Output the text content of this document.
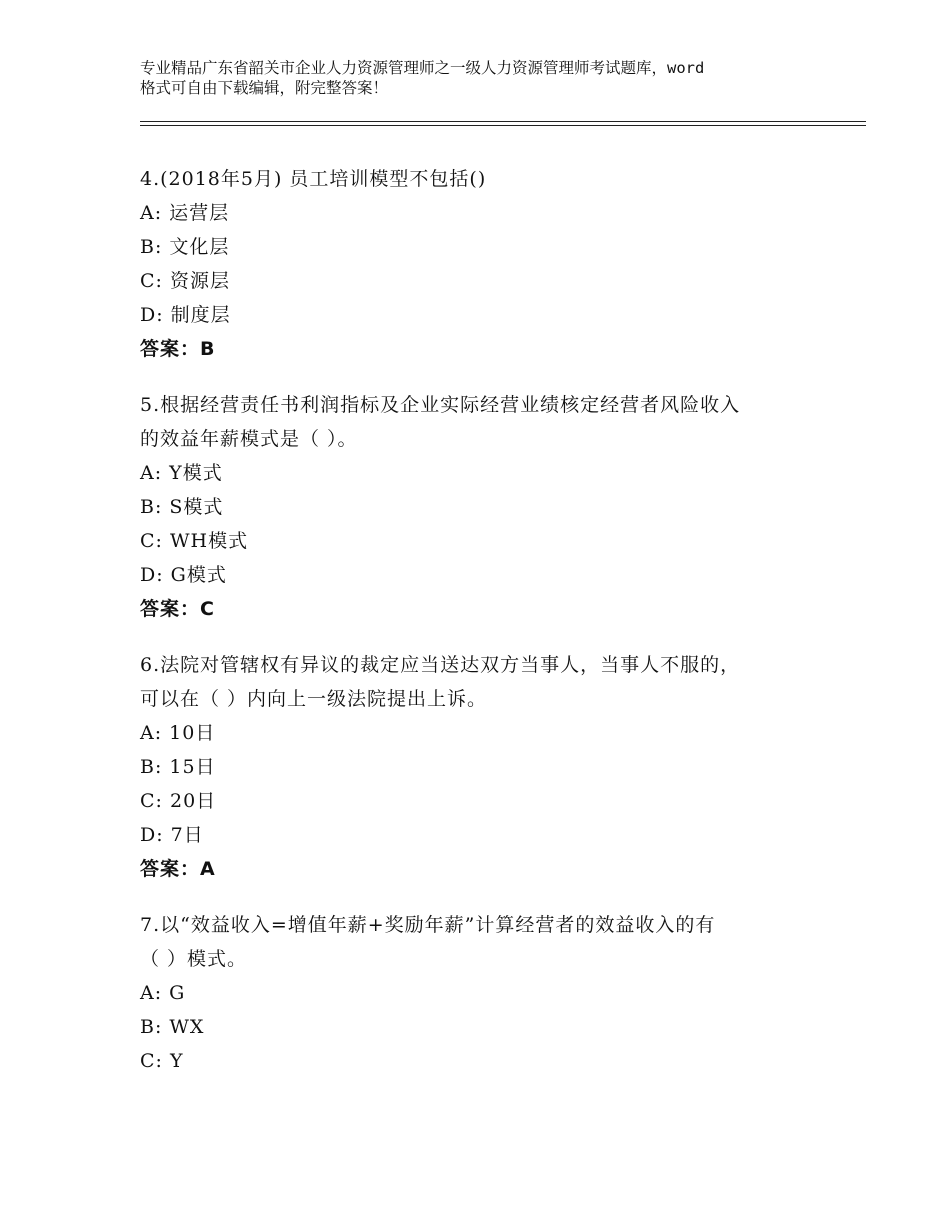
专业精品广东省韶关市企业人力资源管理师之一级人力资源管理师考试题库，word
格式可自由下载编辑，附完整答案！
4.(2018年5月) 员工培训模型不包括()
A: 运营层
B: 文化层
C: 资源层
D: 制度层
答案：B
5.根据经营责任书利润指标及企业实际经营业绩核定经营者风险收入
的效益年薪模式是（ ）。
A: Y模式
B: S模式
C: WH模式
D: G模式
答案：C
6.法院对管辖权有异议的裁定应当送达双方当事人，当事人不服的，
可以在（ ）内向上一级法院提出上诉。
A: 10日
B: 15日
C: 20日
D: 7日
答案：A
7.以“效益收入=增值年薪+奖励年薪”计算经营者的效益收入的有
（ ）模式。
A: G
B: WX
C: Y
